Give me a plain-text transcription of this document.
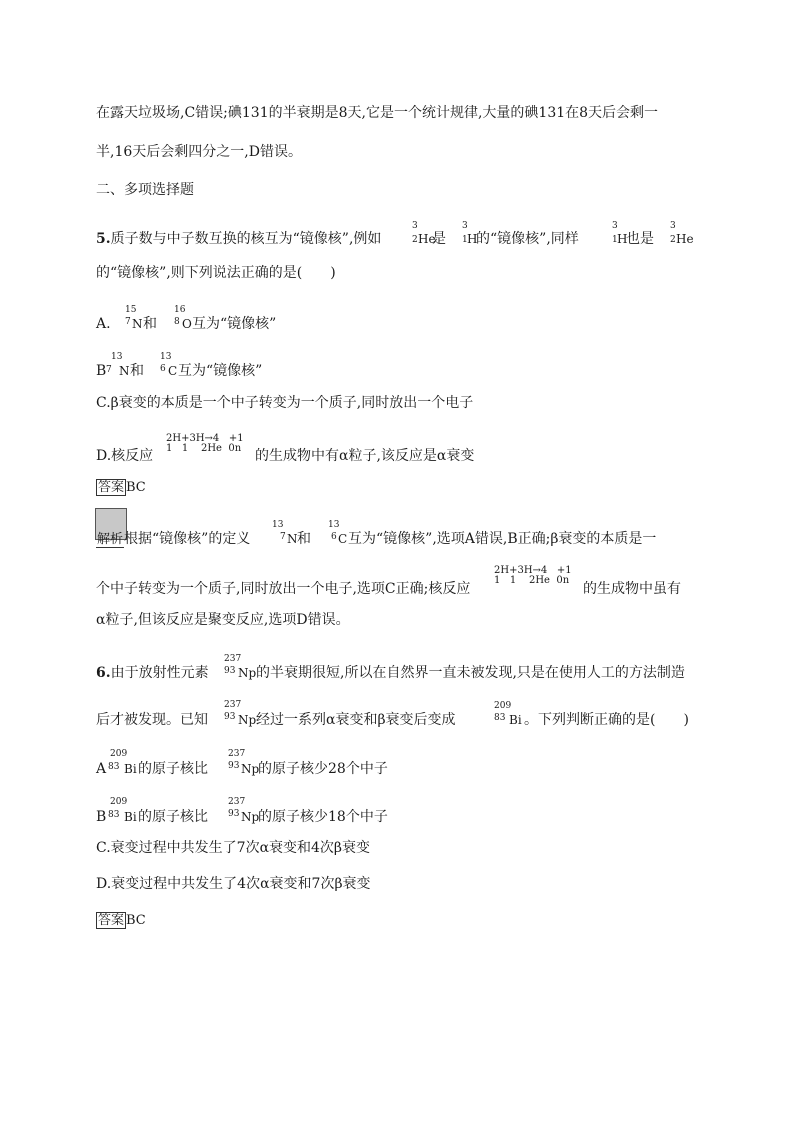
在露天垃圾场,C错误;碘131的半衰期是8天,它是一个统计规律,大量的碘131在8天后会剩一
半,16天后会剩四分之一,D错误。
二、多项选择题
5.质子数与中子数互换的核互为“镜像核”,例如
3
2 He
是
3
1 H
的“镜像核”,同样
3
1 H
也是
3
2 He
的“镜像核”,则下列说法正确的是(　　)
A.
15
7 N 和
16
8 O 互为“镜像核”
B
13
7 N 和
13
6 C 互为“镜像核”
C.β衰变的本质是一个中子转变为一个质子,同时放出一个电子
D.核反应
2H+3H→4   +1
1   1    2He  0n 的生成物中有α粒子,该反应是α衰变
答案 BC
解析根据“镜像核”的定义
13
7 N 和
13
6 C 互为“镜像核”,选项A错误,B正确;β衰变的本质是一
个中子转变为一个质子,同时放出一个电子,选项C正确;核反应
2H+3H→4   +1
1   1    2He  0n
的生成物中虽有
α粒子,但该反应是聚变反应,选项D错误。
6.由于放射性元素
237
93 Np 的半衰期很短,所以在自然界一直未被发现,只是在使用人工的方法制造
后才被发现。已知
237
93 Np 经过一系列α衰变和β衰变后变成
209
83 Bi 。下列判断正确的是(　　)
A
209
83 Bi 的原子核比
237
93 Np
的原子核少28个中子
B
209
83 Bi 的原子核比
237
93 Np
的原子核少18个中子
C.衰变过程中共发生了7次α衰变和4次β衰变
D.衰变过程中共发生了4次α衰变和7次β衰变
答案 BC
